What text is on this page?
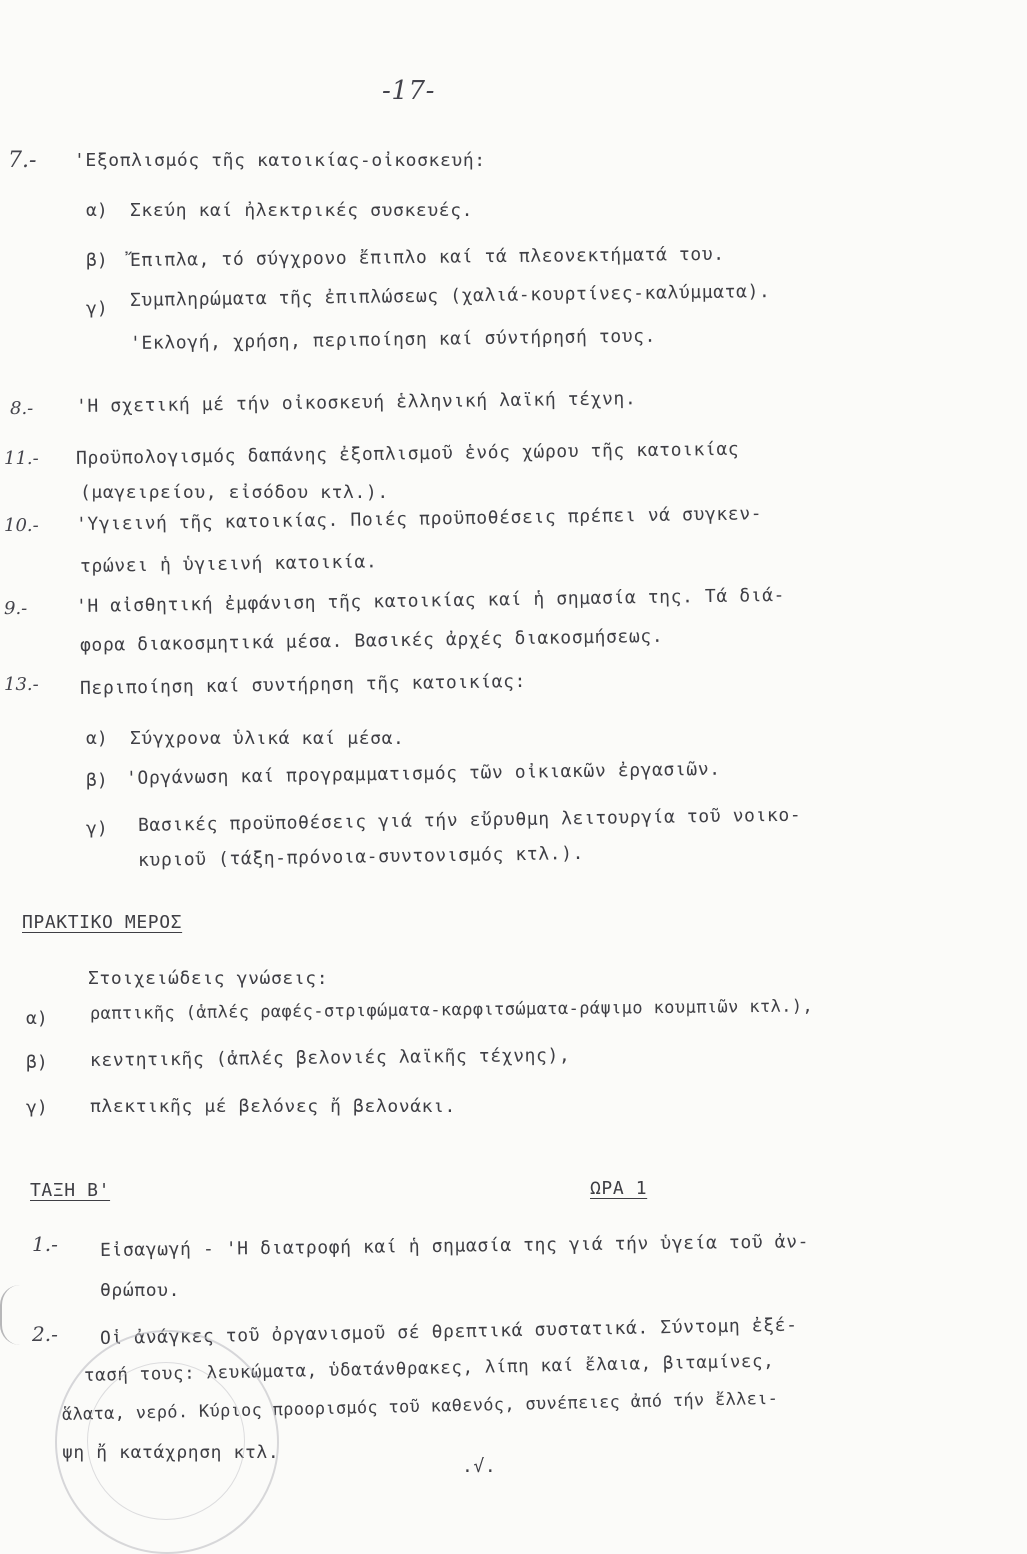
-17-
7.- 'Εξοπλισμός τῆς κατοικίας-οἰκοσκευή:
α) Σκεύη καί ἠλεκτρικές συσκευές.
β) Ἔπιπλα, τό σύγχρονο ἔπιπλο καί τά πλεονεκτήματά του.
γ) Συμπληρώματα τῆς ἐπιπλώσεως (χαλιά-κουρτίνες-καλύμματα).
'Εκλογή, χρήση, περιποίηση καί σύντήρησή τους.
8.- 'Η σχετική μέ τήν οἰκοσκευή ἑλληνική λαϊκή τέχνη.
11.- Προϋπολογισμός δαπάνης ἐξοπλισμοῦ ἑνός χώρου τῆς κατοικίας
(μαγειρείου, εἰσόδου κτλ.).
10.- 'Υγιεινή τῆς κατοικίας. Ποιές προϋποθέσεις πρέπει νά συγκεν-
τρώνει ἡ ὑγιεινή κατοικία.
9.-	'Η αἰσθητική ἐμφάνιση τῆς κατοικίας καί ἡ σημασία της. Τά διά-
φορα διακοσμητικά μέσα. Βασικές ἀρχές διακοσμήσεως.
13.- Περιποίηση καί συντήρηση τῆς κατοικίας:
α) Σύγχρονα ὑλικά καί μέσα.
β) 'Οργάνωση καί προγραμματισμός τῶν οἰκιακῶν ἐργασιῶν.
γ) Βασικές προϋποθέσεις γιά τήν εὔρυθμη λειτουργία τοῦ νοικο-
κυριοῦ (τάξη-πρόνοια-συντονισμός κτλ.).
ΠΡΑΚΤΙΚΟ ΜΕΡΟΣ
Στοιχειώδεις γνώσεις:
α) ραπτικῆς (ἁπλές ραφές-στριφώματα-καρφιτσώματα-ράψιμο κουμπιῶν κτλ.),
β) κεντητικῆς (ἁπλές βελονιές λαϊκῆς τέχνης),
γ) πλεκτικῆς μέ βελόνες ἤ βελονάκι.
ΤΑΞΗ Β'	ΩΡΑ 1
1.- Εἰσαγωγή - 'Η διατροφή καί ἡ σημασία της γιά τήν ὑγεία τοῦ ἀν-
θρώπου.
2.- Οἱ ἀνάγκες τοῦ ὀργανισμοῦ σέ θρεπτικά συστατικά. Σύντομη ἐξέ-
τασή τους: λευκώματα, ὑδατάνθρακες, λίπη καί ἔλαια, βιταμίνες,
ἅλατα, νερό. Κύριος προορισμός τοῦ καθενός, συνέπειες ἀπό τήν ἔλλει-
ψη ἤ κατάχρηση κτλ.
.√.
